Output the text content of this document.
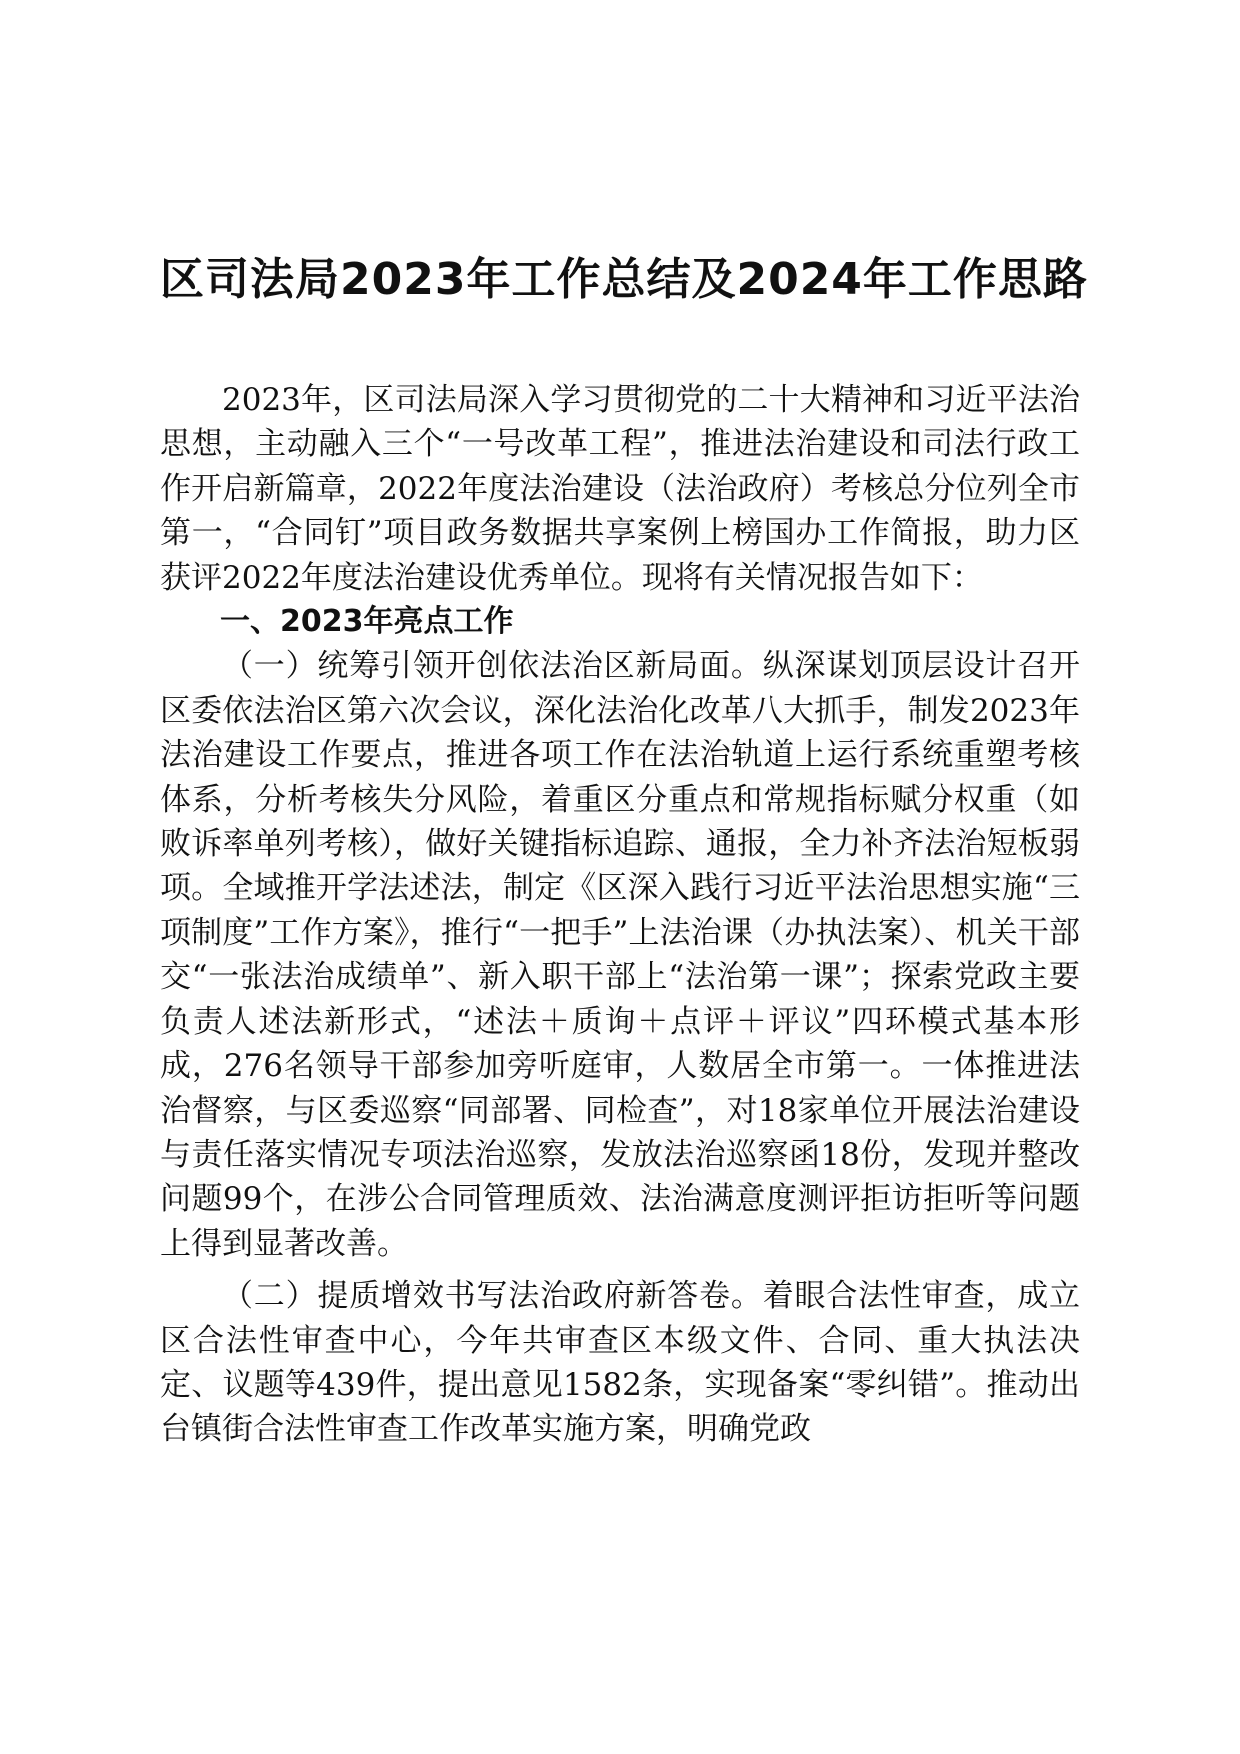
区司法局2023年工作总结及2024年工作思路

2023年，区司法局深入学习贯彻党的二十大精神和习近平法治思想，主动融入三个“一号改革工程”，推进法治建设和司法行政工作开启新篇章，2022年度法治建设（法治政府）考核总分位列全市第一，“合同钉”项目政务数据共享案例上榜国办工作简报，助力区获评2022年度法治建设优秀单位。现将有关情况报告如下：

一、2023年亮点工作

（一）统筹引领开创依法治区新局面。纵深谋划顶层设计召开区委依法治区第六次会议，深化法治化改革八大抓手，制发2023年法治建设工作要点，推进各项工作在法治轨道上运行系统重塑考核体系，分析考核失分风险，着重区分重点和常规指标赋分权重（如败诉率单列考核），做好关键指标追踪、通报，全力补齐法治短板弱项。全域推开学法述法，制定《区深入践行习近平法治思想实施“三项制度”工作方案》，推行“一把手”上法治课（办执法案）、机关干部交“一张法治成绩单”、新入职干部上“法治第一课”；探索党政主要负责人述法新形式，“述法＋质询＋点评＋评议”四环模式基本形成，276名领导干部参加旁听庭审，人数居全市第一。一体推进法治督察，与区委巡察“同部署、同检查”，对18家单位开展法治建设与责任落实情况专项法治巡察，发放法治巡察函18份，发现并整改问题99个，在涉公合同管理质效、法治满意度测评拒访拒听等问题上得到显著改善。

（二）提质增效书写法治政府新答卷。着眼合法性审查，成立区合法性审查中心，今年共审查区本级文件、合同、重大执法决定、议题等439件，提出意见1582条，实现备案“零纠错”。推动出台镇街合法性审查工作改革实施方案，明确党政
